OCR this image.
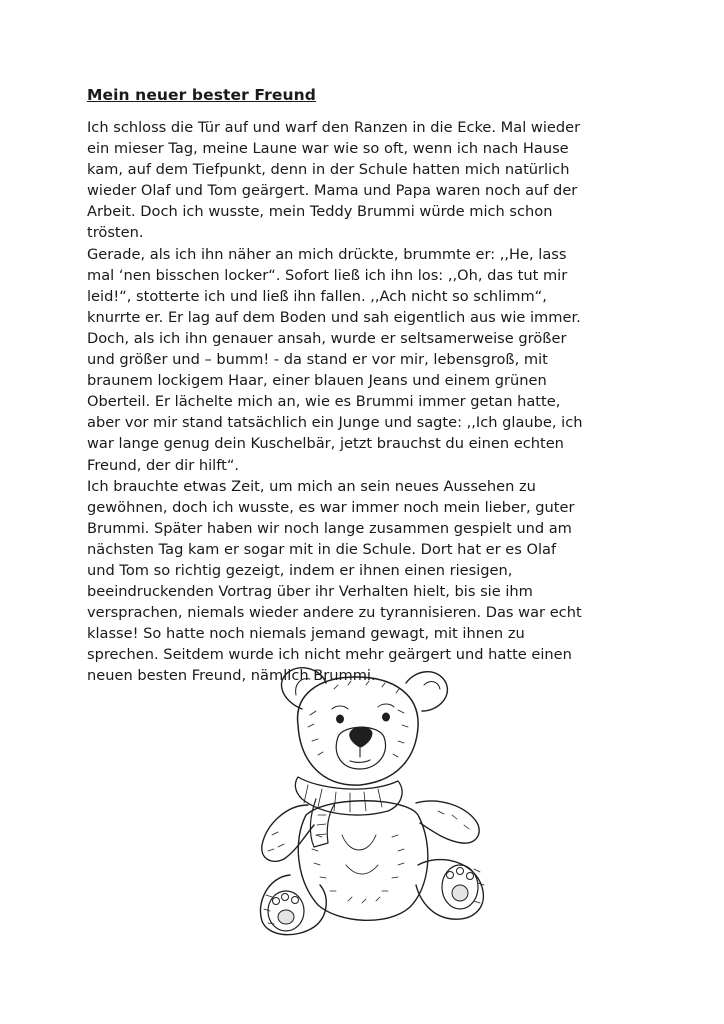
Mein neuer bester Freund
Ich schloss die Tür auf und warf den Ranzen in die Ecke. Mal wieder
ein mieser Tag, meine Laune war wie so oft, wenn ich nach Hause
kam, auf dem Tiefpunkt, denn in der Schule hatten mich natürlich
wieder Olaf und Tom geärgert. Mama und Papa waren noch auf der
Arbeit. Doch ich wusste, mein Teddy Brummi würde mich schon
trösten.
Gerade, als ich ihn näher an mich drückte, brummte er: ,,He, lass
mal ‘nen bisschen locker“. Sofort ließ ich ihn los: ,,Oh, das tut mir
leid!“, stotterte ich und ließ ihn fallen. ,,Ach nicht so schlimm“,
knurrte er. Er lag auf dem Boden und sah eigentlich aus wie immer.
Doch, als ich ihn genauer ansah, wurde er seltsamerweise größer
und größer und – bumm! - da stand er vor mir, lebensgroß, mit
braunem lockigem Haar, einer blauen Jeans und einem grünen
Oberteil. Er lächelte mich an, wie es Brummi immer getan hatte,
aber vor mir stand tatsächlich ein Junge und sagte: ,,Ich glaube, ich
war lange genug dein Kuschelbär, jetzt brauchst du einen echten
Freund, der dir hilft“.
Ich brauchte etwas Zeit, um mich an sein neues Aussehen zu
gewöhnen, doch ich wusste, es war immer noch mein lieber, guter
Brummi. Später haben wir noch lange zusammen gespielt und am
nächsten Tag kam er sogar mit in die Schule. Dort hat er es Olaf
und Tom so richtig gezeigt, indem er ihnen einen riesigen,
beeindruckenden Vortrag über ihr Verhalten hielt, bis sie ihm
versprachen, niemals wieder andere zu tyrannisieren. Das war echt
klasse! So hatte noch niemals jemand gewagt, mit ihnen zu
sprechen. Seitdem wurde ich nicht mehr geärgert und hatte einen
neuen besten Freund, nämlich Brummi.
